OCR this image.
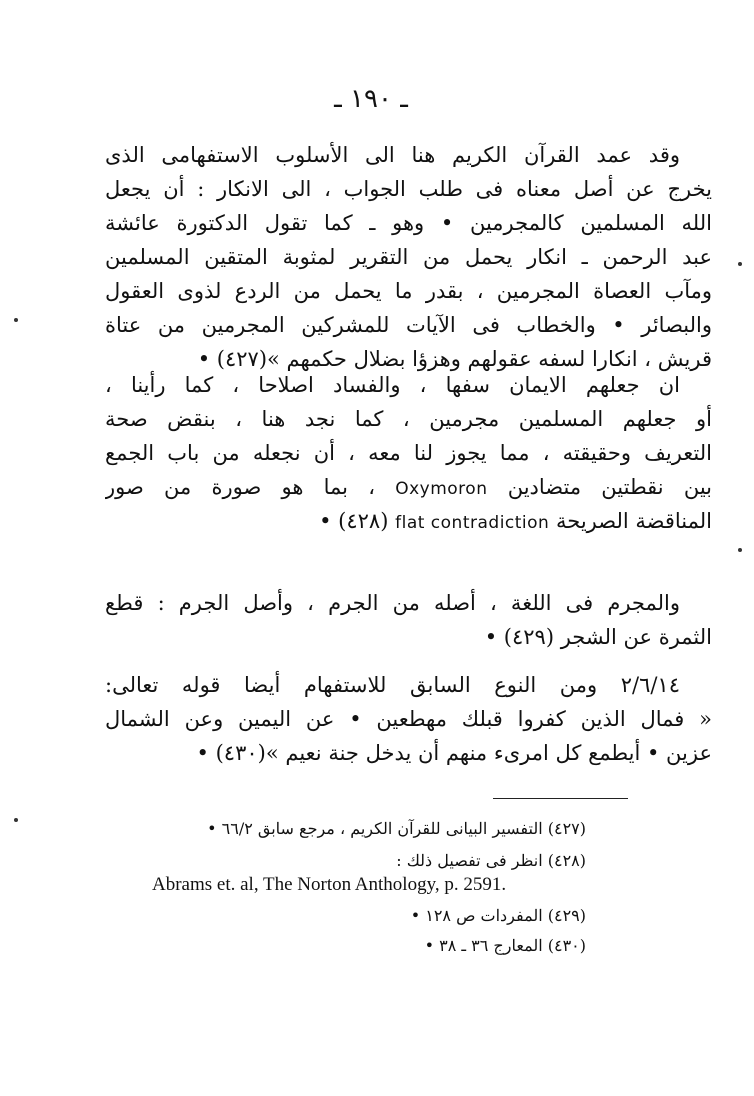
ـ ١٩٠ ـ
وقد عمد القرآن الكريم هنا الى الأسلوب الاستفهامى الذى
يخرج عن أصل معناه فى طلب الجواب ، الى الانكار : أن يجعل
الله المسلمين كالمجرمين • وهو ـ كما تقول الدكتورة عائشة
عبد الرحمن ـ انكار يحمل من التقرير لمثوبة المتقين المسلمين
ومآب العصاة المجرمين ، بقدر ما يحمل من الردع لذوى العقول
والبصائر • والخطاب فى الآيات للمشركين المجرمين من عتاة
قريش ، انكارا لسفه عقولهم وهزؤا بضلال حكمهم »(٤٢٧) •
ان جعلهم الايمان سفها ، والفساد اصلاحا ، كما رأينا ،
أو جعلهم المسلمين مجرمين ، كما نجد هنا ، بنقض صحة
التعريف وحقيقته ، مما يجوز لنا معه ، أن نجعله من باب الجمع
بين نقطتين متضادين Oxymoron ، بما هو صورة من صور
المناقضة الصريحة flat contradiction (٤٢٨) •
والمجرم فى اللغة ، أصله من الجرم ، وأصل الجرم : قطع
الثمرة عن الشجر (٤٢٩) •
٢/٦/١٤ ومن النوع السابق للاستفهام أيضا قوله تعالى:
« فمال الذين كفروا قبلك مهطعين • عن اليمين وعن الشمال
عزين • أيطمع كل امرىء منهم أن يدخل جنة نعيم »(٤٣٠) •
(٤٢٧) التفسير البيانى للقرآن الكريم ، مرجع سابق ٦٦/٢ •
(٤٢٨) انظر فى تفصيل ذلك :
Abrams et. al, The Norton Anthology, p. 2591.
(٤٢٩) المفردات ص ١٢٨ •
(٤٣٠) المعارج ٣٦ ـ ٣٨ •
